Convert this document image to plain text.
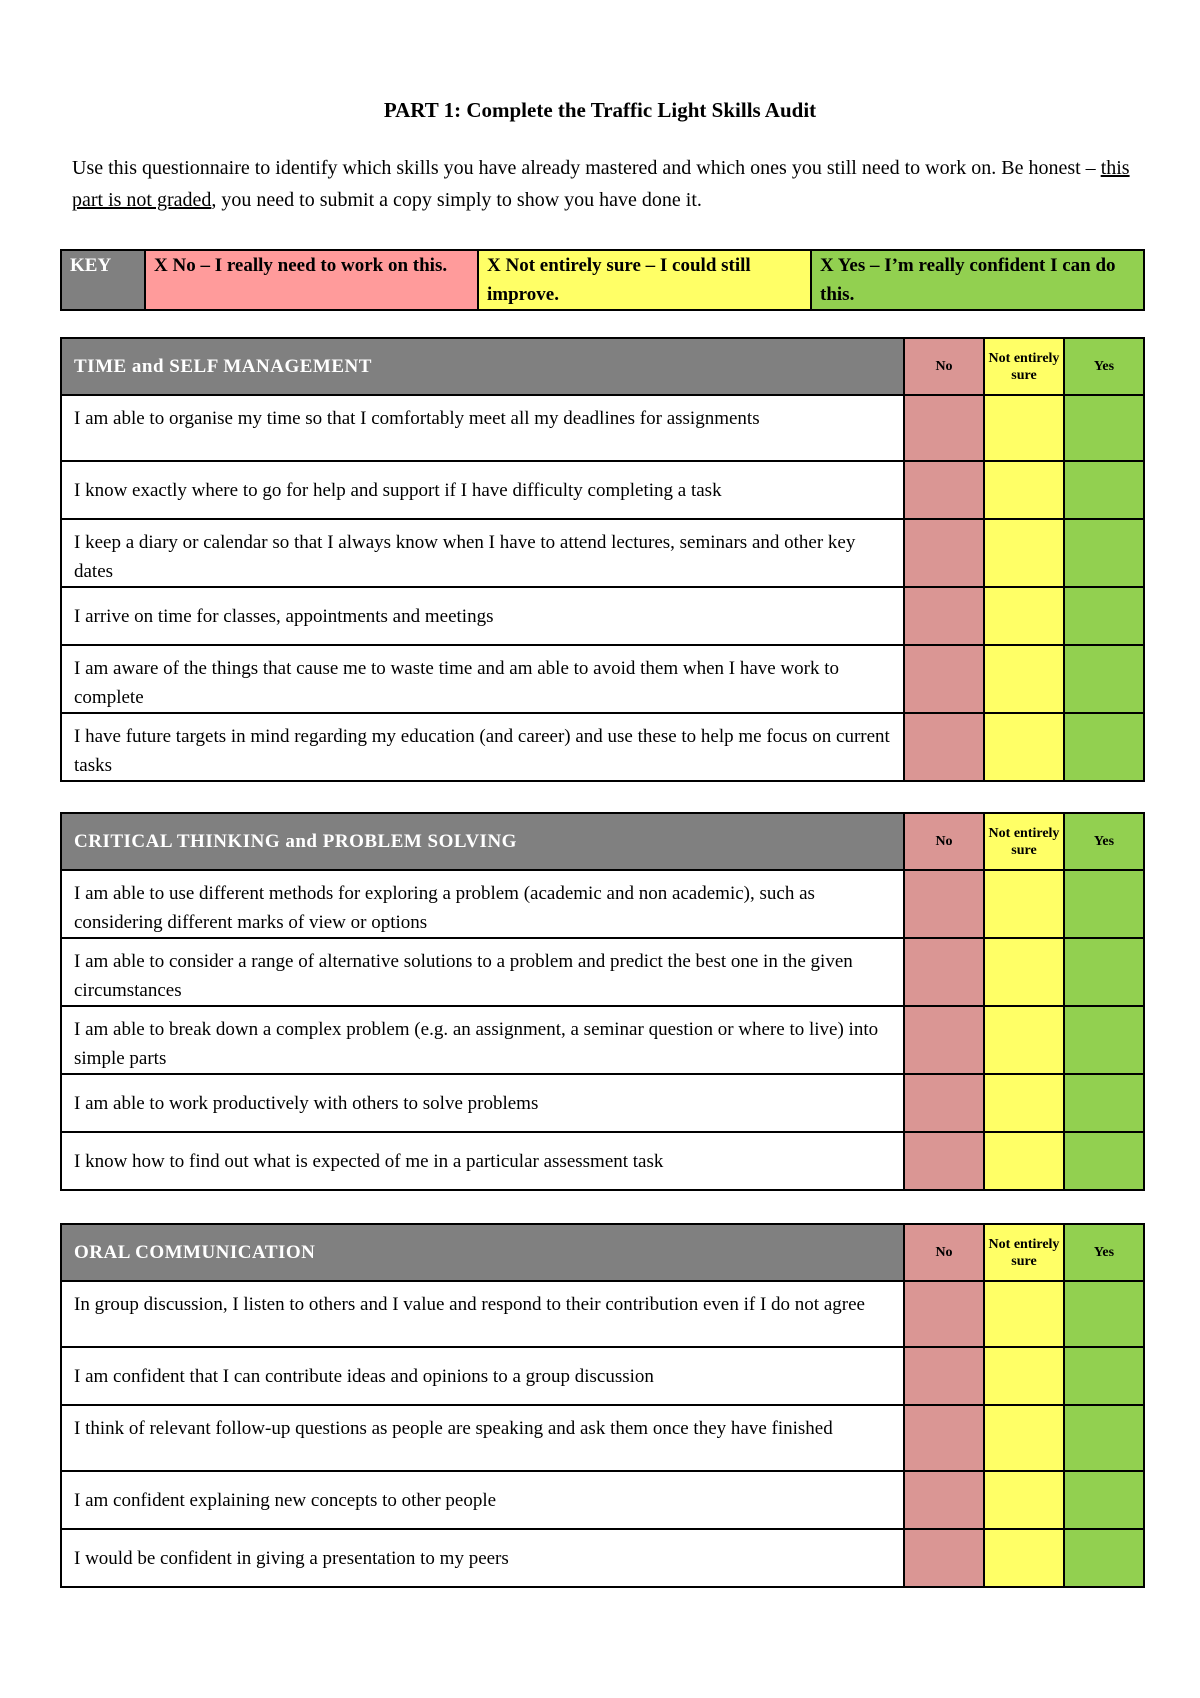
PART 1: Complete the Traffic Light Skills Audit
Use this questionnaire to identify which skills you have already mastered and which ones you still need to work on. Be honest – this part is not graded, you need to submit a copy simply to show you have done it.
KEY	X No – I really need to work on this.	X Not entirely sure – I could still improve.	X Yes – I’m really confident I can do this.
TIME and SELF MANAGEMENT	No	Not entirely sure	Yes
I am able to organise my time so that I comfortably meet all my deadlines for assignments			
I know exactly where to go for help and support if I have difficulty completing a task			
I keep a diary or calendar so that I always know when I have to attend lectures, seminars and other key dates			
I arrive on time for classes, appointments and meetings			
I am aware of the things that cause me to waste time and am able to avoid them when I have work to complete			
I have future targets in mind regarding my education (and career) and use these to help me focus on current tasks			
CRITICAL THINKING and PROBLEM SOLVING	No	Not entirely sure	Yes
I am able to use different methods for exploring a problem (academic and non academic), such as considering different marks of view or options			
I am able to consider a range of alternative solutions to a problem and predict the best one in the given circumstances			
I am able to break down a complex problem (e.g. an assignment, a seminar question or where to live) into simple parts			
I am able to work productively with others to solve problems			
I know how to find out what is expected of me in a particular assessment task			
ORAL COMMUNICATION	No	Not entirely sure	Yes
In group discussion, I listen to others and I value and respond to their contribution even if I do not agree			
I am confident that I can contribute ideas and opinions to a group discussion			
I think of relevant follow-up questions as people are speaking and ask them once they have finished			
I am confident explaining new concepts to other people			
I would be confident in giving a presentation to my peers			
